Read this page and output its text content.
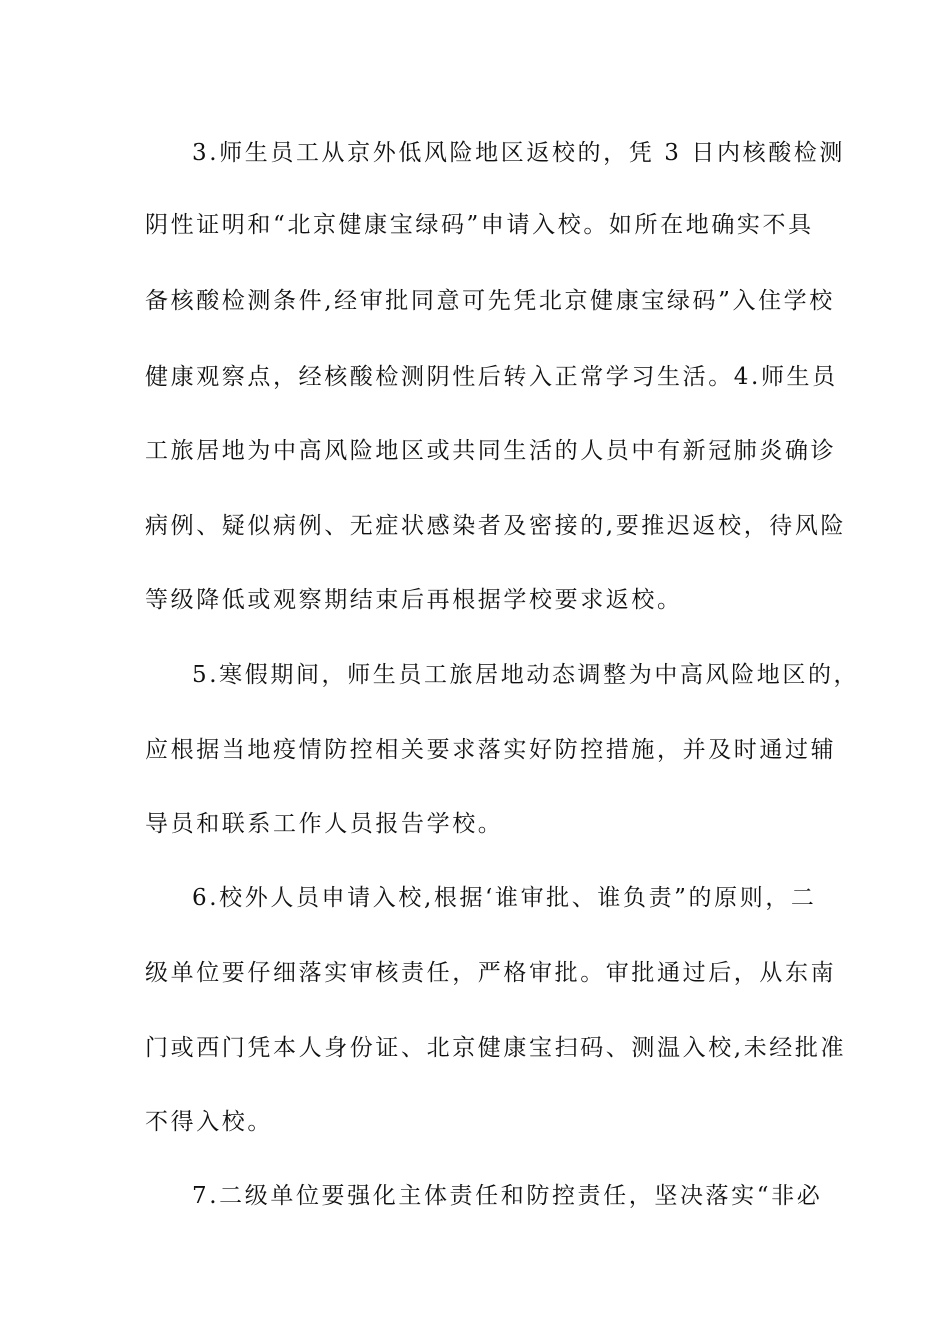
3.师生员工从京外低风险地区返校的，凭 3 日内核酸检测
阴性证明和“北京健康宝绿码”申请入校。如所在地确实不具
备核酸检测条件,经审批同意可先凭北京健康宝绿码”入住学校
健康观察点，经核酸检测阴性后转入正常学习生活。4.师生员
工旅居地为中高风险地区或共同生活的人员中有新冠肺炎确诊
病例、疑似病例、无症状感染者及密接的,要推迟返校，待风险
等级降低或观察期结束后再根据学校要求返校。
5.寒假期间，师生员工旅居地动态调整为中高风险地区的，
应根据当地疫情防控相关要求落实好防控措施，并及时通过辅
导员和联系工作人员报告学校。
6.校外人员申请入校,根据‘谁审批、谁负责”的原则，二
级单位要仔细落实审核责任，严格审批。审批通过后，从东南
门或西门凭本人身份证、北京健康宝扫码、测温入校,未经批准
不得入校。
7.二级单位要强化主体责任和防控责任，坚决落实“非必
